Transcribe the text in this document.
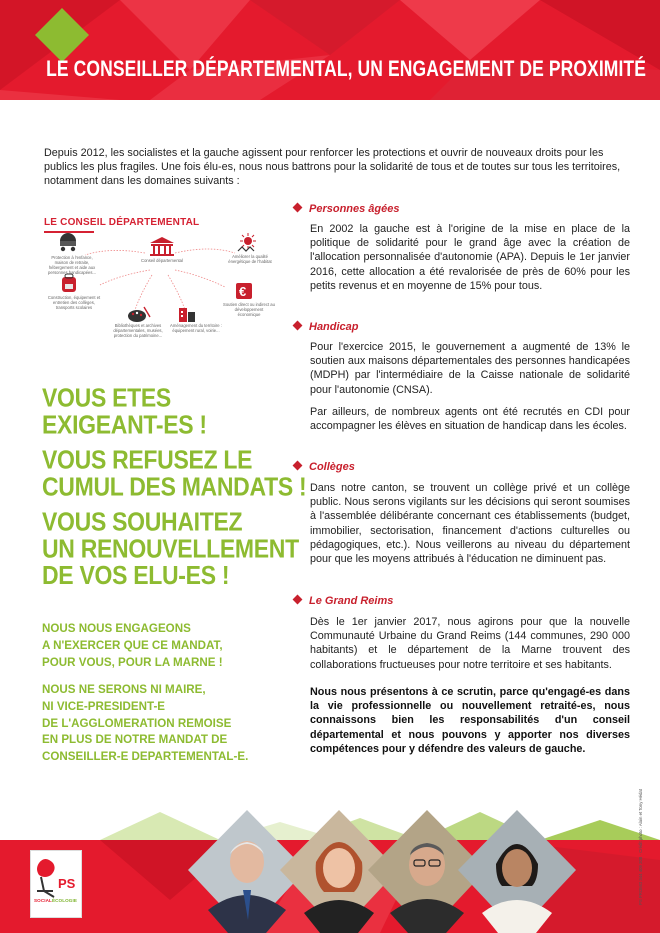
LE CONSEILLER DÉPARTEMENTAL, UN ENGAGEMENT DE PROXIMITÉ

Depuis 2012, les socialistes et la gauche agissent pour renforcer les protections et ouvrir de nouveaux droits pour les publics les plus fragiles. Une fois élu-es, nous nous battrons pour la solidarité de tous et de toutes sur tous les territoires, notamment dans les domaines suivants :

LE CONSEIL DÉPARTEMENTAL
€
Protection à l'enfance, maison de retraite, hébergement et aide aux personnes handicapées...
Conseil départemental
Améliorer la qualité énergétique de l'habitat
Construction, équipement et entretien des collèges, transports scolaires
Soutien direct ou indirect au développement économique
Bibliothèques et archives départementales, musées, protection du patrimoine...
Aménagement du territoire : équipement rural, voirie...
VOUS ETES
EXIGEANT-ES !
VOUS REFUSEZ LE
CUMUL DES MANDATS !
VOUS SOUHAITEZ
UN RENOUVELLEMENT
DE VOS ELU-ES !
NOUS NOUS ENGAGEONS
A N'EXERCER QUE CE MANDAT,
POUR VOUS, POUR LA MARNE !
NOUS NE SERONS NI MAIRE,
NI VICE-PRESIDENT-E
DE L'AGGLOMERATION REMOISE
EN PLUS DE NOTRE MANDAT DE
CONSEILLER-E DEPARTEMENTAL-E.
Personnes âgées

En 2002 la gauche est à l'origine de la mise en place de la politique de solidarité pour le grand âge avec la création de l'allocation personnalisée d'autonomie (APA). Depuis le 1er janvier 2016, cette allocation a été revalorisée de près de 60% pour les petits revenus et en moyenne de 15% pour tous.

Handicap

Pour l'exercice 2015, le gouvernement a augmenté de 13% le soutien aux maisons départementales des personnes handicapées (MDPH) par l'intermédiaire de la Caisse nationale de solidarité pour l'autonomie (CNSA).

Par ailleurs, de nombreux agents ont été recrutés en CDI pour accompagner les élèves en situation de handicap dans les écoles.

Collèges

Dans notre canton, se trouvent un collège privé et un collège public. Nous serons vigilants sur les décisions qui seront soumises à l'assemblée délibérante concernant ces établissements (budget, immobilier, sectorisation, financement d'actions culturelles ou pédagogiques, etc.). Nous veillerons au niveau du département pour que les moyens attribués à l'éducation ne diminuent pas.

Le Grand Reims

Dès le 1er janvier 2017, nous agirons pour que la nouvelle Communauté Urbaine du Grand Reims (144 communes, 290 000 habitants) et le département de la Marne trouvent des collaborations fructueuses pour notre territoire et ses habitants.

Nous nous présentons à ce scrutin, parce qu'engagé-es dans la vie professionnelle ou nouvellement retraité-es, nous connaissons bien les responsabilités d'un conseil départemental et nous pouvons y apporter nos diverses compétences pour y défendre des valeurs de gauche.

PS
SOCIALÉCOLOGIE	PS PROMO 344 409 208 · Crédit photo : Alain et Tony Hédat
